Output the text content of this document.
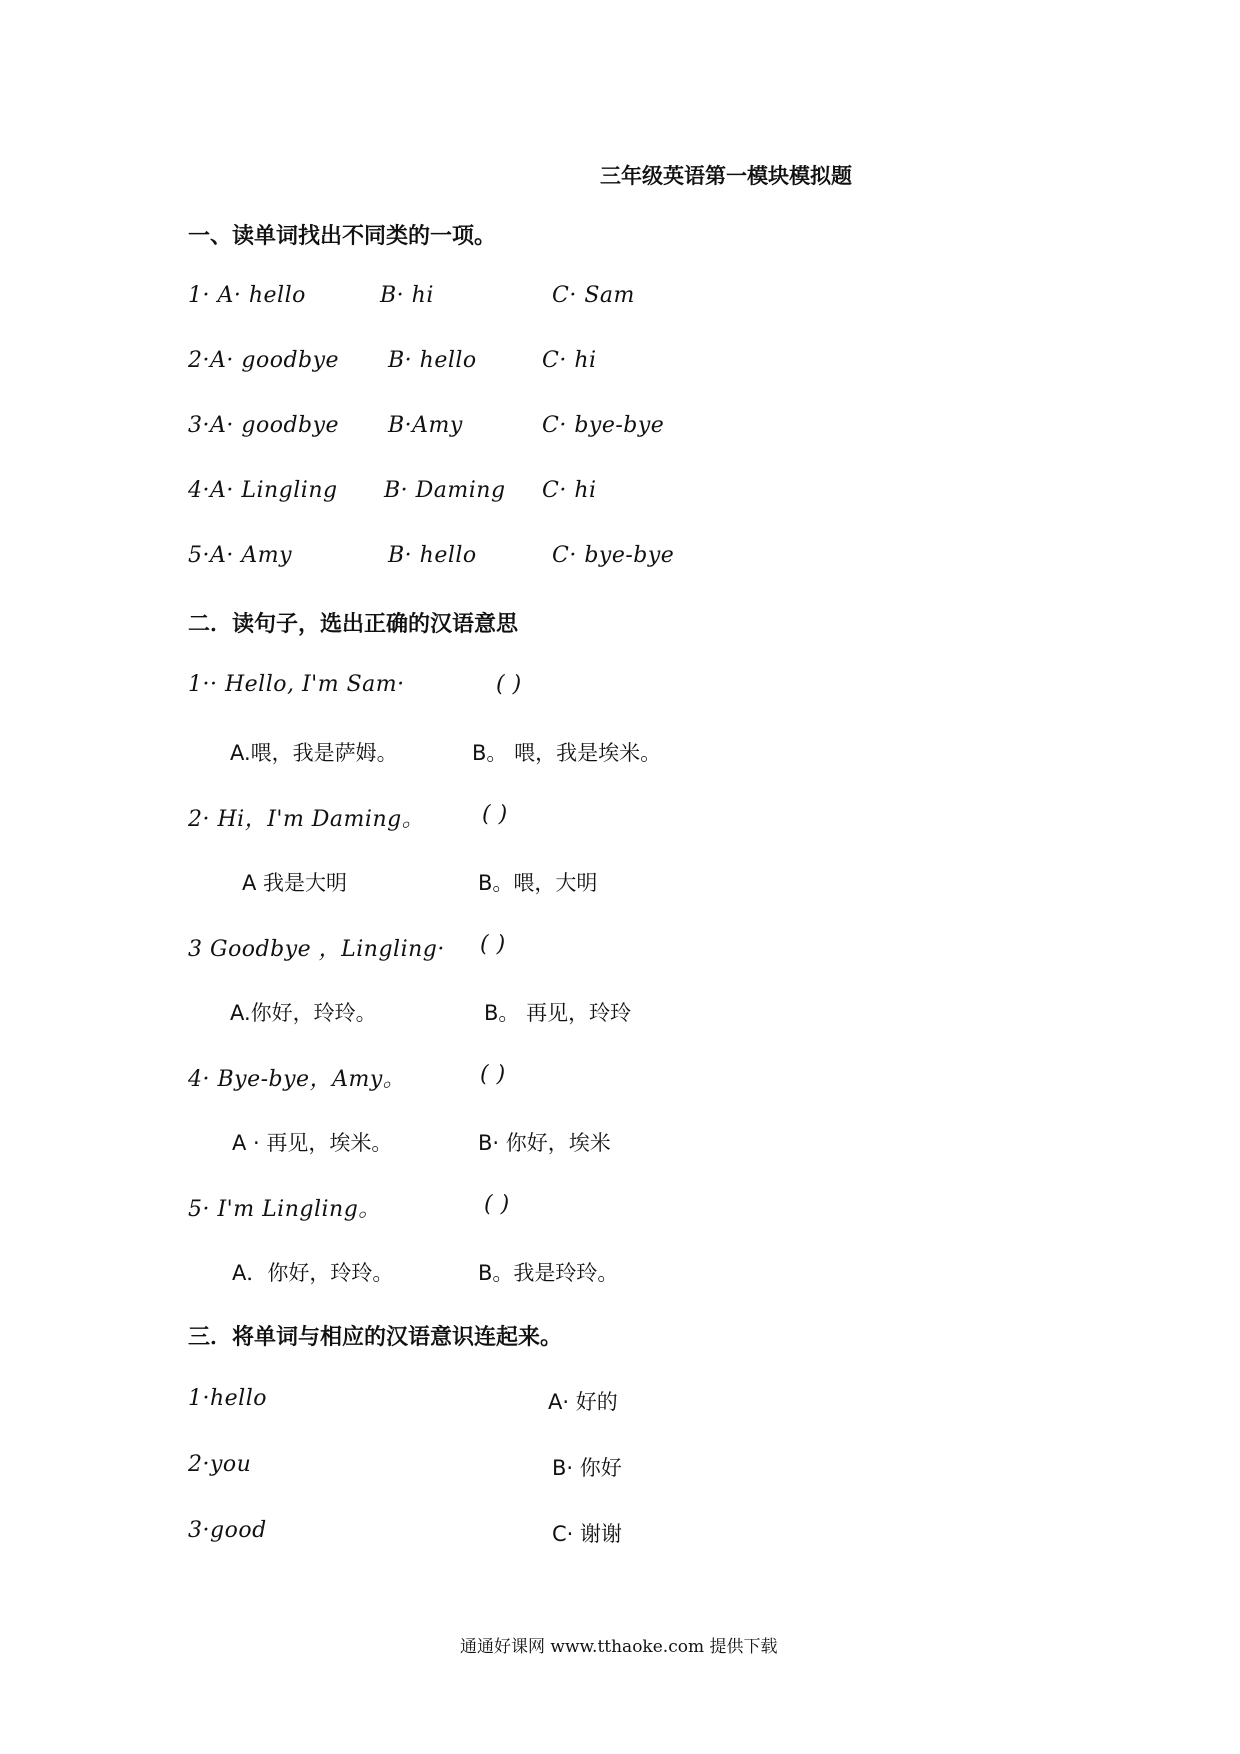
三年级英语第一模块模拟题
一、读单词找出不同类的一项。
1· A· hello	B· hi	C· Sam
2·A· goodbye B· hello	C· hi
3·A· goodbye B·Amy	C· bye-bye
4·A· Lingling B· Daming C· hi
5·A· Amy	B· hello	C· bye-bye
二．读句子，选出正确的汉语意思
1·· Hello, I'm Sam·	( )
A.喂，我是萨姆。	B。 喂，我是埃米。
2· Hi，I'm Daming。	( )
A 我是大明	B。喂，大明
3 Goodbye ，Lingling· ( )
A.你好，玲玲。	B。 再见，玲玲
4· Bye-bye，Amy。	( )
A · 再见，埃米。	B· 你好，埃米
5· I'm Lingling。	( )
A．你好，玲玲。	B。我是玲玲。
三．将单词与相应的汉语意识连起来。
1·hello	A· 好的
2·you	B· 你好
3·good	C· 谢谢
通通好课网 www.tthaoke.com 提供下载
